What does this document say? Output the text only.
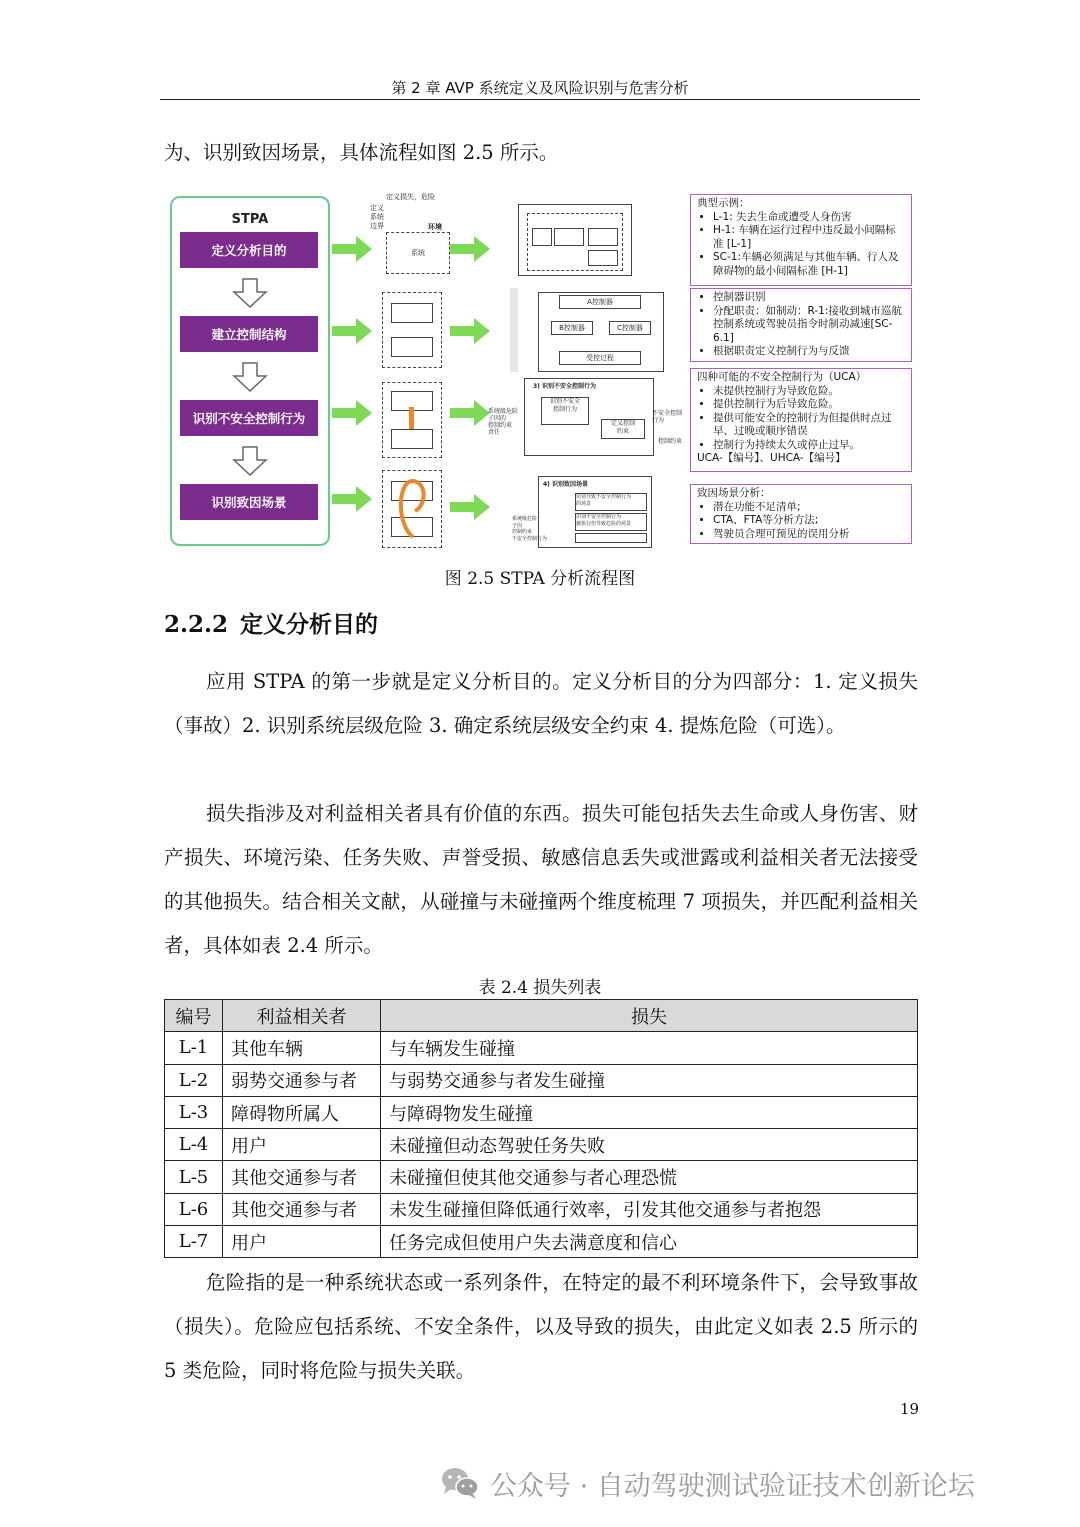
第 2 章 AVP 系统定义及风险识别与危害分析
为、识别致因场景，具体流程如图 2.5 所示。
STPA
定义分析目的
建立控制结构
识别不安全控制行为
识别致因场景
定义损失，危险
定义
系统
边界	环境
系统
A控制器
B控制器	C控制器
受控过程
3) 识别不安全控制行为
识别不安全
控制行为
定义控制
约束
系统级危险
子因的
控制约束
责任
不安全控制
行为
控制约束
4) 识别致因场景
识别导致不安全控制行为
的场景
识别不安全控制行为
被执行但导致危险的场景
系统级危险
子因
控制约束
不安全控制行为
典型示例：
• L-1: 失去生命或遭受人身伤害
• H-1: 车辆在运行过程中违反最小间隔标准 [L-1]
• SC-1:车辆必须满足与其他车辆、行人及障碍物的最小间隔标准 [H-1]
• 控制器识别
• 分配职责：如制动：R-1:接收到城市巡航控制系统或驾驶员指令时制动减速[SC-6.1]
• 根据职责定义控制行为与反馈
四种可能的不安全控制行为（UCA）
• 未提供控制行为导致危险。
• 提供控制行为后导致危险。
• 提供可能安全的控制行为但提供时点过早、过晚或顺序错误
• 控制行为持续太久或停止过早。
UCA-【编号】、UHCA-【编号】
致因场景分析：
• 潜在功能不足清单;
• CTA、FTA等分析方法;
• 驾驶员合理可预见的误用分析
图 2.5 STPA 分析流程图
2.2.2 定义分析目的
应用 STPA 的第一步就是定义分析目的。定义分析目的分为四部分：1. 定义损失（事故）2. 识别系统层级危险 3. 确定系统层级安全约束 4. 提炼危险（可选）。
损失指涉及对利益相关者具有价值的东西。损失可能包括失去生命或人身伤害、财产损失、环境污染、任务失败、声誉受损、敏感信息丢失或泄露或利益相关者无法接受的其他损失。结合相关文献，从碰撞与未碰撞两个维度梳理 7 项损失，并匹配利益相关者，具体如表 2.4 所示。
表 2.4 损失列表
编号	利益相关者	损失
L-1	其他车辆	与车辆发生碰撞
L-2	弱势交通参与者	与弱势交通参与者发生碰撞
L-3	障碍物所属人	与障碍物发生碰撞
L-4	用户	未碰撞但动态驾驶任务失败
L-5	其他交通参与者	未碰撞但使其他交通参与者心理恐慌
L-6	其他交通参与者	未发生碰撞但降低通行效率，引发其他交通参与者抱怨
L-7	用户	任务完成但使用户失去满意度和信心
危险指的是一种系统状态或一系列条件，在特定的最不利环境条件下，会导致事故（损失）。危险应包括系统、不安全条件，以及导致的损失，由此定义如表 2.5 所示的 5 类危险，同时将危险与损失关联。
19
公众号 · 自动驾驶测试验证技术创新论坛
